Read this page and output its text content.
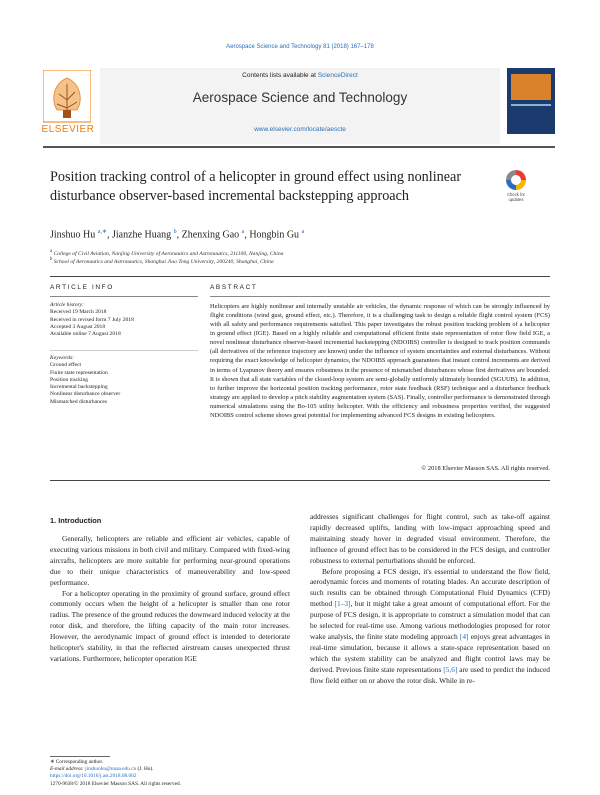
Aerospace Science and Technology 81 (2018) 167–178
ELSEVIER
Contents lists available at ScienceDirect
Aerospace Science and Technology
www.elsevier.com/locate/aescte
Position tracking control of a helicopter in ground effect using nonlinear disturbance observer-based incremental backstepping approach	Check for
updates
Jinshuo Hu $^{a,∗}$, Jianzhe Huang $^b$, Zhenxing Gao $^a$, Hongbin Gu $^a$
$^a$ College of Civil Aviation, Nanjing University of Aeronautics and Astronautics, 211100, Nanjing, China
$^b$ School of Aeronautics and Astronautics, Shanghai Jiao Tong University, 200240, Shanghai, China
ARTICLE INFO	ABSTRACT
Article history:
Received 19 March 2018
Received in revised form 7 July 2018
Accepted 3 August 2018
Available online 7 August 2018
Keywords:
Ground effect
Finite state representation
Position tracking
Incremental backstepping
Nonlinear disturbance observer
Mismatched disturbances
Helicopters are highly nonlinear and internally unstable air vehicles, the dynamic response of which can be strongly influenced by flight conditions (wind gust, ground effect, etc.). Therefore, it is a challenging task to design a reliable flight control system (FCS) with all safety and performance requirements satisfied. This paper investigates the robust position tracking problem of a helicopter in ground effect (IGE). Based on a highly reliable and computational efficient finite state representation of rotor flow field IGE, a novel nonlinear disturbance observer-based incremental backstepping (NDOIBS) controller is designed to track position commands (all derivatives of the reference trajectory are known) under the influence of system uncertainties and external disturbances. Without requiring the exact knowledge of helicopter dynamics, the NDOIBS approach guarantees that instant control increments are derived in terms of Lyapunov theory and ensures robustness in the presence of mismatched disturbances whose first derivatives are bounded. It is shown that all state variables of the closed-loop system are semi-globally uniformly ultimately bounded (SGUUB). In addition, to further improve the horizontal position tracking performance, rotor state feedback (RSF) technique and a disturbance feedback strategy are applied to develop a pitch stability augmentation system (SAS). Finally, controller performance is demonstrated through numerical simulations using the Bo-105 utility helicopter. With the efficiency and robustness properties verified, the suggested NDOIBS control scheme shows great potential for implementing advanced FCS designs in existing helicopters.
© 2018 Elsevier Masson SAS. All rights reserved.
1. Introduction

Generally, helicopters are reliable and efficient air vehicles, capable of executing various missions in both civil and military. Compared with fixed-wing aircrafts, helicopters are more suitable for performing near-ground operations due to their unique characteristics of maneuverability and low-speed performance.

For a helicopter operating in the proximity of ground surface, ground effect commonly occurs when the height of a helicopter is smaller than one rotor radius. The presence of the ground reduces the downward induced velocity at the rotor disk, and therefore, the lifting capacity of the main rotor increases. However, the aerodynamic impact of ground effect is intended to deteriorate helicopter's stability, in that the reflected airstream causes unexpected thrust variations. Furthermore, helicopter operation IGE

addresses significant challenges for flight control, such as take-off against rapidly decreased uplifts, landing with low-impact approaching speed and maintaining steady hover in degraded visual environment. Therefore, the influence of ground effect has to be considered in the FCS design, and controller robustness to external perturbations should be enforced.

Before proposing a FCS design, it's essential to understand the flow field, aerodynamic forces and moments of rotating blades. An accurate description of such results can be obtained through Computational Fluid Dynamics (CFD) method [1–3], but it might take a great amount of computational effort. For the purpose of FCS design, it is appropriate to construct a simulation model that can be selected for real-time use. Among various methodologies proposed for rotor wake analysis, the finite state modeling approach [4] enjoys great advantages in real-time simulation, because it allows a state-space representation based on which the system stability can be analyzed and flight control laws may be derived. Previous finite state representations [5,6] are used to predict the induced flow field either on or above the rotor disk. While in re-

∗ Corresponding author.
E-mail address: jinshuohu@nuaa.edu.cn (J. Hu).
https://doi.org/10.1016/j.ast.2018.08.002
1270-9638/© 2018 Elsevier Masson SAS. All rights reserved.
